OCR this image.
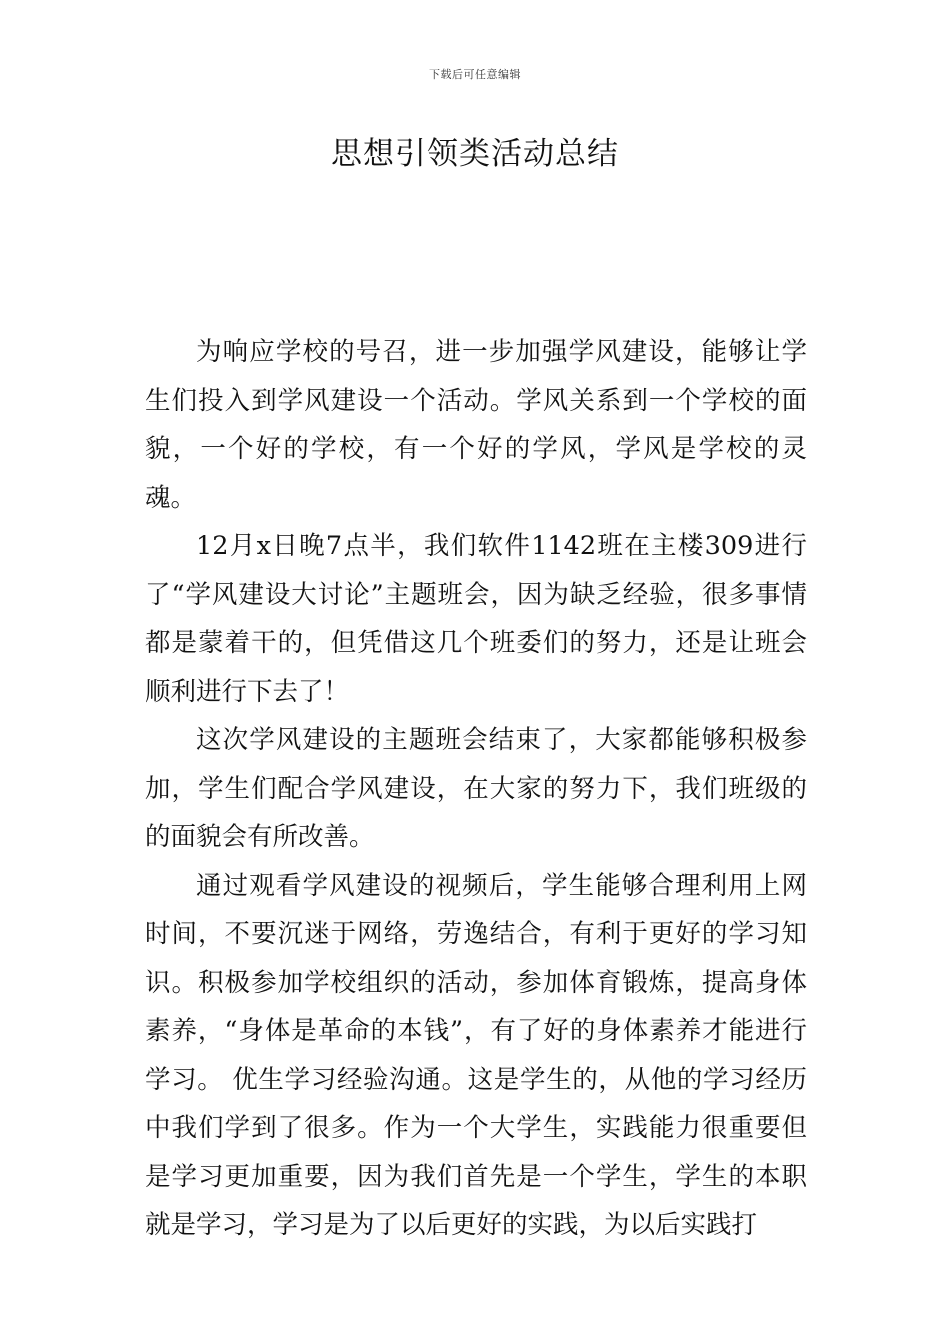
下载后可任意编辑
思想引领类活动总结

为响应学校的号召，进一步加强学风建设，能够让学生们投入到学风建设一个活动。学风关系到一个学校的面貌，一个好的学校，有一个好的学风，学风是学校的灵魂。

12月x日晚7点半，我们软件1142班在主楼309进行了“学风建设大讨论”主题班会，因为缺乏经验，很多事情都是蒙着干的，但凭借这几个班委们的努力，还是让班会顺利进行下去了！

这次学风建设的主题班会结束了，大家都能够积极参加，学生们配合学风建设，在大家的努力下，我们班级的的面貌会有所改善。

通过观看学风建设的视频后，学生能够合理利用上网时间，不要沉迷于网络，劳逸结合，有利于更好的学习知识。积极参加学校组织的活动，参加体育锻炼，提高身体素养，“身体是革命的本钱”，有了好的身体素养才能进行学习。 优生学习经验沟通。这是学生的，从他的学习经历中我们学到了很多。作为一个大学生，实践能力很重要但是学习更加重要，因为我们首先是一个学生，学生的本职就是学习，学习是为了以后更好的实践，为以后实践打
